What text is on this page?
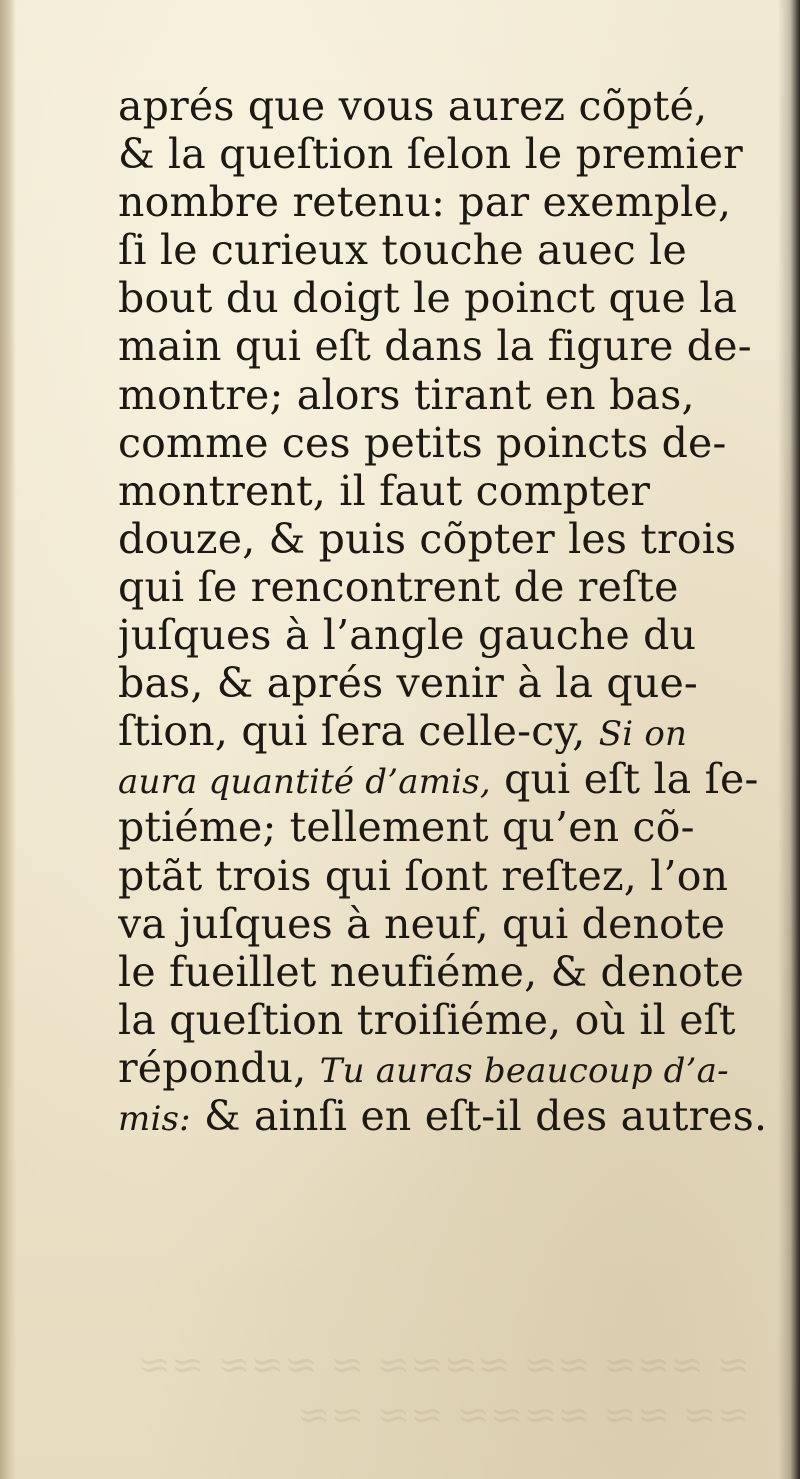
≈ ≈≈≈ ≈≈ ≈≈≈≈ ≈ ≈≈≈ ≈≈
≈≈ ≈≈ ≈≈≈≈ ≈≈ ≈≈
aprés que vous aurez cõpté,
& la queſtion ſelon le premier
nombre retenu: par exemple,
ſi le curieux touche auec le
bout du doigt le poinct que la
main qui eſt dans la figure de-
montre; alors tirant en bas,
comme ces petits poincts de-
montrent, il faut compter
douze, & puis cõpter les trois
qui ſe rencontrent de reſte
juſques à l’angle gauche du
bas, & aprés venir à la que-
ſtion, qui ſera celle-cy, Si on
aura quantité d’amis, qui eſt la ſe-
ptiéme; tellement qu’en cõ-
ptãt trois qui ſont reſtez, l’on
va juſques à neuf, qui denote
le fueillet neufiéme, & denote
la queſtion troiſiéme, où il eſt
répondu, Tu auras beaucoup d’a-
mis: & ainſi en eſt-il des autres.
